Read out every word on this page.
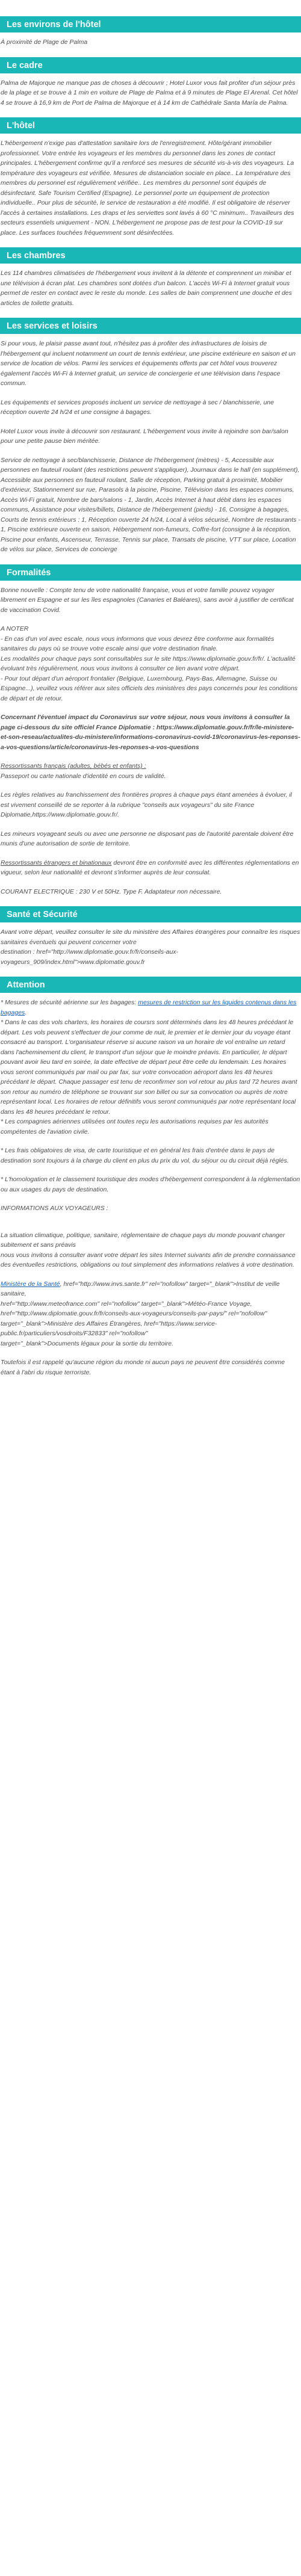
Les environs de l'hôtel

À proximité de Plage de Palma

Le cadre

Palma de Majorque ne manque pas de choses à découvrir ; Hotel Luxor vous fait profiter d'un séjour près de la plage et se trouve à 1 min en voiture de Plage de Palma et à 9 minutes de Plage El Arenal. Cet hôtel 4 se trouve à 16,9 km de Port de Palma de Majorque et à 14 km de Cathédrale Santa María de Palma.

L'hôtel

L'hébergement n'exige pas d'attestation sanitaire lors de l'enregistrement. Hôte/gérant immobilier professionnel. Votre entrée les voyageurs et les membres du personnel dans les zones de contact principales. L'hébergement confirme qu'il a renforcé ses mesures de sécurité vis-à-vis des voyageurs. La température des voyageurs est vérifiée. Mesures de distanciation sociale en place.. La température des membres du personnel est régulièrement vérifiée.. Les membres du personnel sont équipés de désinfectant. Safe Tourism Certified (Espagne). Le personnel porte un équipement de protection individuelle.. Pour plus de sécurité, le service de restauration a été modifié. Il est obligatoire de réserver l'accès à certaines installations. Les draps et les serviettes sont lavés à 60 °C minimum.. Travailleurs des secteurs essentiels uniquement - NON. L'hébergement ne propose pas de test pour la COVID-19 sur place. Les surfaces touchées fréquemment sont désinfectées.

Les chambres

Les 114 chambres climatisées de l'hébergement vous invitent à la détente et comprennent un minibar et une télévision à écran plat. Les chambres sont dotées d'un balcon. L'accès Wi-Fi à Internet gratuit vous permet de rester en contact avec le reste du monde. Les salles de bain comprennent une douche et des articles de toilette gratuits.

Les services et loisirs

Si pour vous, le plaisir passe avant tout, n'hésitez pas à profiter des infrastructures de loisirs de l'hébergement qui incluent notamment un court de tennis extérieur, une piscine extérieure en saison et un service de location de vélos. Parmi les services et équipements offerts par cet hôtel vous trouverez également l'accès Wi-Fi à Internet gratuit, un service de conciergerie et une télévision dans l'espace commun.

Les équipements et services proposés incluent un service de nettoyage à sec / blanchisserie, une réception ouverte 24 h/24 et une consigne à bagages.

Hotel Luxor vous invite à découvrir son restaurant. L'hébergement vous invite à rejoindre son bar/salon pour une petite pause bien méritée.

Service de nettoyage à sec/blanchisserie, Distance de l'hébergement (mètres) - 5, Accessible aux personnes en fauteuil roulant (des restrictions peuvent s'appliquer), Journaux dans le hall (en supplément), Accessible aux personnes en fauteuil roulant, Salle de réception, Parking gratuit à proximité, Mobilier d'extérieur, Stationnement sur rue, Parasols à la piscine, Piscine, Télévision dans les espaces communs, Accès Wi-Fi gratuit, Nombre de bars/salons - 1, Jardin, Accès Internet à haut débit dans les espaces communs, Assistance pour visites/billets, Distance de l'hébergement (pieds) - 16, Consigne à bagages, Courts de tennis extérieurs : 1, Réception ouverte 24 h/24, Local à vélos sécurisé, Nombre de restaurants - 1, Piscine extérieure ouverte en saison, Hébergement non-fumeurs, Coffre-fort (consigne à la réception, Piscine pour enfants, Ascenseur, Terrasse, Tennis sur place, Transats de piscine, VTT sur place, Location de vélos sur place, Services de concierge

Formalités

Bonne nouvelle : Compte tenu de votre nationalité française, vous et votre famille pouvez voyager librement en Espagne et sur les îles espagnoles (Canaries et Baléares), sans avoir à justifier de certificat de vaccination Covid.

A NOTER
- En cas d'un vol avec escale, nous vous informons que vous devrez être conforme aux formalités sanitaires du pays où se trouve votre escale ainsi que votre destination finale.
Les modalités pour chaque pays sont consultables sur le site https://www.diplomatie.gouv.fr/fr/. L'actualité évoluant très régulièrement, nous vous invitons à consulter ce lien avant votre départ.
- Pour tout départ d'un aéroport frontalier (Belgique, Luxembourg, Pays-Bas, Allemagne, Suisse ou Espagne...), veuillez vous référer aux sites officiels des ministères des pays concernés pour les conditions de départ et de retour.

Concernant l'éventuel impact du Coronavirus sur votre séjour, nous vous invitons à consulter la page ci-dessous du site officiel France Diplomatie : https://www.diplomatie.gouv.fr/fr/le-ministere-et-son-reseau/actualites-du-ministere/informations-coronavirus-covid-19/coronavirus-les-reponses-a-vos-questions/article/coronavirus-les-reponses-a-vos-questions

Ressortissants français (adultes, bébés et enfants) :
Passeport ou carte nationale d'identité en cours de validité.

Les règles relatives au franchissement des frontières propres à chaque pays étant amenées à évoluer, il est vivement conseillé de se reporter à la rubrique "conseils aux voyageurs" du site France Diplomatie,https://www.diplomatie.gouv.fr/.

Les mineurs voyageant seuls ou avec une personne ne disposant pas de l'autorité parentale doivent être munis d'une autorisation de sortie de territoire.

Ressortissants étrangers et binationaux devront être en conformité avec les différentes réglementations en vigueur, selon leur nationalité et devront s'informer auprès de leur consulat.

COURANT ELECTRIQUE : 230 V et 50Hz. Type F. Adaptateur non nécessaire.

Santé et Sécurité

Avant votre départ, veuillez consulter le site du ministère des Affaires étrangères pour connaître les risques sanitaires éventuels qui peuvent concerner votre
destination : href="http://www.diplomatie.gouv.fr/fr/conseils-aux-voyageurs_909/index.html">www.diplomatie.gouv.fr

Attention

* Mesures de sécurité aérienne sur les bagages: mesures de restriction sur les liquides contenus dans les bagages.
* Dans le cas des vols charters, les horaires de coursrs sont déterminés dans les 48 heures précédant le départ. Les vols peuvent s'effectuer de jour comme de nuit, le premier et le dernier jour du voyage étant consacré au transport. L'organisateur réserve si aucune raison va un horaire de vol entraîne un retard dans l'acheminement du client, le transport d'un séjour que le moindre préavis. En particulier, le départ pouvant avoir lieu tard en soirée, la date effective de départ peut être celle du lendemain. Les horaires vous seront communiqués par mail ou par fax, sur votre convocation aéroport dans les 48 heures précédant le départ. Chaque passager est tenu de reconfirmer son vol retour au plus tard 72 heures avant son retour au numéro de téléphone se trouvant sur son billet ou sur sa convocation ou auprès de notre représentant local. Les horaires de retour définitifs vous seront communiqués par notre représentant local dans les 48 heures précédant le retour.
* Les compagnies aériennes utilisées ont toutes reçu les autorisations requises par les autorités compétentes de l'aviation civile.

* Les frais obligatoires de visa, de carte touristique et en général les frais d'entrée dans le pays de destination sont toujours à la charge du client en plus du prix du vol, du séjour ou du circuit déjà réglés.

* L'homologation et le classement touristique des modes d'hébergement correspondent à la réglementation ou aux usages du pays de destination.

INFORMATIONS AUX VOYAGEURS :

La situation climatique, politique, sanitaire, réglementaire de chaque pays du monde pouvant changer subitement et sans préavis
nous vous invitons à consulter avant votre départ les sites Internet suivants afin de prendre connaissance des éventuelles restrictions, obligations ou tout simplement des informations relatives à votre destination.

Ministère de la Santé, href="http://www.invs.sante.fr" rel="nofollow" target="_blank">Institut de veille sanitaire,
href="http://www.meteofrance.com" rel="nofollow" target="_blank">Météo-France Voyage, href="http://www.diplomatie.gouv.fr/fr/conseils-aux-voyageurs/conseils-par-pays/" rel="nofollow"
target="_blank">Ministère des Affaires Étrangères, href="https://www.service-public.fr/particuliers/vosdroits/F32833" rel="nofollow"
target="_blank">Documents légaux pour la sortie du territoire.

Toutefois il est rappelé qu'aucune région du monde ni aucun pays ne peuvent être considérés comme étant à l'abri du risque terroriste.
